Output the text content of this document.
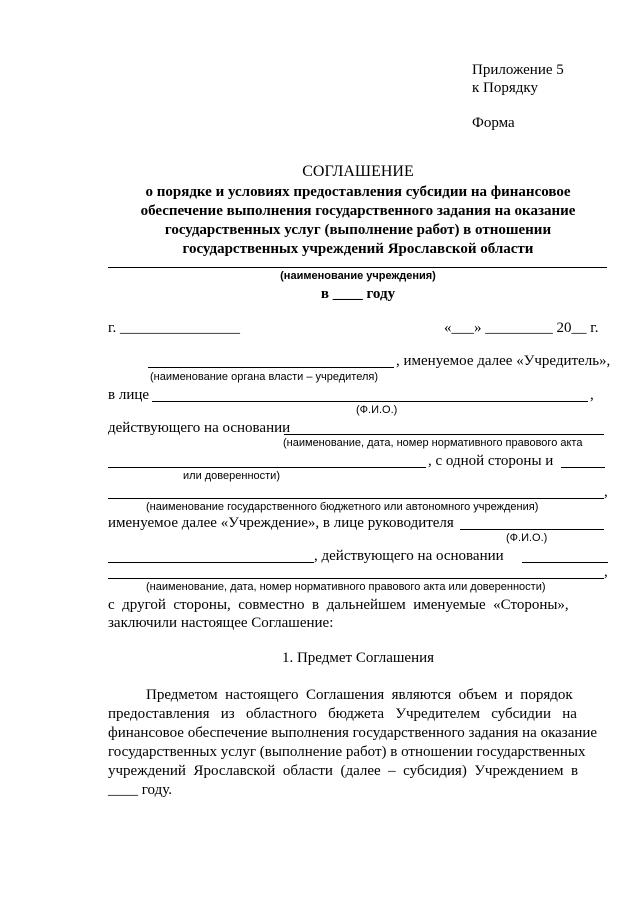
Приложение 5
к Порядку
Форма
СОГЛАШЕНИЕ
о порядке и условиях предоставления субсидии на финансовое
обеспечение выполнения государственного задания на оказание
государственных услуг (выполнение работ) в отношении
государственных учреждений Ярославской области
(наименование учреждения)
в ____ году
г. ________________	«___» _________ 20__ г.
, именуемое далее «Учредитель»,
(наименование органа власти – учредителя)
в лице	,
(Ф.И.О.)
действующего на основании
(наименование, дата, номер нормативного правового акта
, с одной стороны и
или доверенности)
,
(наименование государственного бюджетного или автономного учреждения)
именуемое далее «Учреждение», в лице руководителя
(Ф.И.О.)
, действующего на основании
,
(наименование, дата, номер нормативного правового акта или доверенности)
с  другой  стороны,  совместно  в  дальнейшем  именуемые  «Стороны»,
заключили настоящее Соглашение:
1. Предмет Соглашения
Предметом  настоящего  Соглашения  являются  объем  и  порядок
предоставления   из   областного   бюджета   Учредителем   субсидии   на
финансовое обеспечение выполнения государственного задания на оказание
государственных услуг (выполнение работ) в отношении государственных
учреждений  Ярославской  области  (далее  –  субсидия)  Учреждением  в
____ году.
